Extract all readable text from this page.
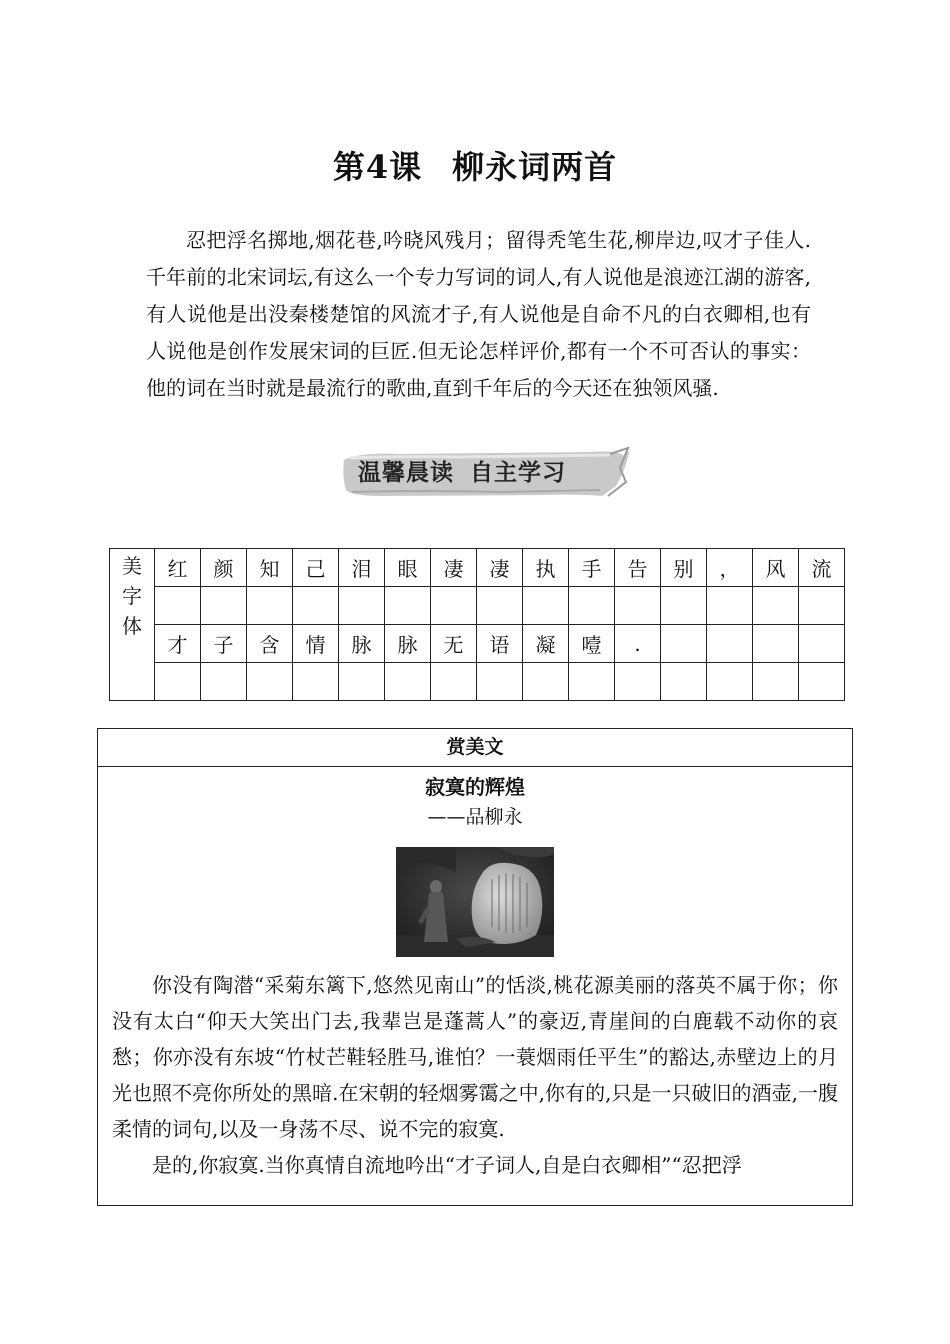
第4课 柳永词两首

忍把浮名掷地,烟花巷,吟晓风残月；留得秃笔生花,柳岸边,叹才子佳人.千年前的北宋词坛,有这么一个专力写词的词人,有人说他是浪迹江湖的游客,有人说他是出没秦楼楚馆的风流才子,有人说他是自命不凡的白衣卿相,也有人说他是创作发展宋词的巨匠.但无论怎样评价,都有一个不可否认的事实：他的词在当时就是最流行的歌曲,直到千年后的今天还在独领风骚.

温馨晨读 自主学习
美字体	红	颜	知	己	泪	眼	凄	凄	执	手	告	别	，	风	流

	才	子	含	情	脉	脉	无	语	凝	噎	.				

赏美文
寂寞的辉煌
——品柳永

你没有陶潜“采菊东篱下,悠然见南山”的恬淡,桃花源美丽的落英不属于你；你没有太白“仰天大笑出门去,我辈岂是蓬蒿人”的豪迈,青崖间的白鹿载不动你的哀愁；你亦没有东坡“竹杖芒鞋轻胜马,谁怕？一蓑烟雨任平生”的豁达,赤壁边上的月光也照不亮你所处的黑暗.在宋朝的轻烟雾霭之中,你有的,只是一只破旧的酒壶,一腹柔情的词句,以及一身荡不尽、说不完的寂寞.

是的,你寂寞.当你真情自流地吟出“才子词人,自是白衣卿相”“忍把浮
